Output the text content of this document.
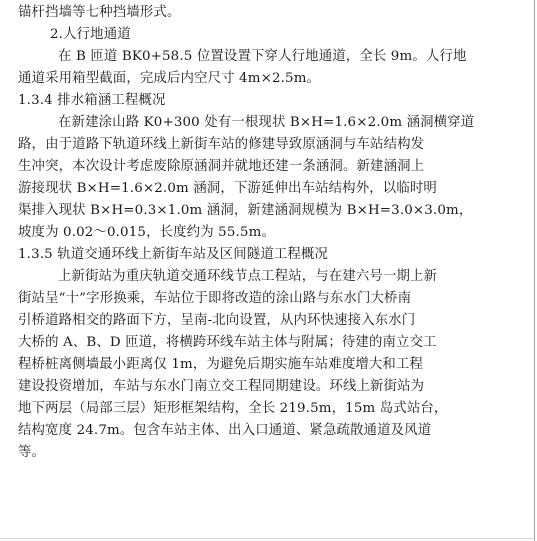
锚杆挡墙等七种挡墙形式。
2.人行地通道
在 B 匝道 BK0+58.5 位置设置下穿人行地通道，全长 9m。人行地
通道采用箱型截面，完成后内空尺寸 4m×2.5m。
1.3.4 排水箱涵工程概况
在新建涂山路 K0+300 处有一根现状 B×H=1.6×2.0m 涵洞横穿道
路，由于道路下轨道环线上新街车站的修建导致原涵洞与车站结构发
生冲突，本次设计考虑废除原涵洞并就地还建一条涵洞。新建涵洞上
游接现状 B×H=1.6×2.0m 涵洞，下游延伸出车站结构外，以临时明
渠排入现状 B×H=0.3×1.0m 涵洞，新建涵洞规模为 B×H=3.0×3.0m，
坡度为 0.02～0.015，长度约为 55.5m。
1.3.5 轨道交通环线上新街车站及区间隧道工程概况
上新街站为重庆轨道交通环线节点工程站，与在建六号一期上新
街站呈“十”字形换乘，车站位于即将改造的涂山路与东水门大桥南
引桥道路相交的路面下方，呈南-北向设置，从内环快速接入东水门
大桥的 A、B、D 匝道，将横跨环线车站主体与附属；待建的南立交工
程桥桩离侧墙最小距离仅 1m，为避免后期实施车站难度增大和工程
建设投资增加，车站与东水门南立交工程同期建设。环线上新街站为
地下两层（局部三层）矩形框架结构，全长 219.5m，15m 岛式站台，
结构宽度 24.7m。包含车站主体、出入口通道、紧急疏散通道及风道
等。
